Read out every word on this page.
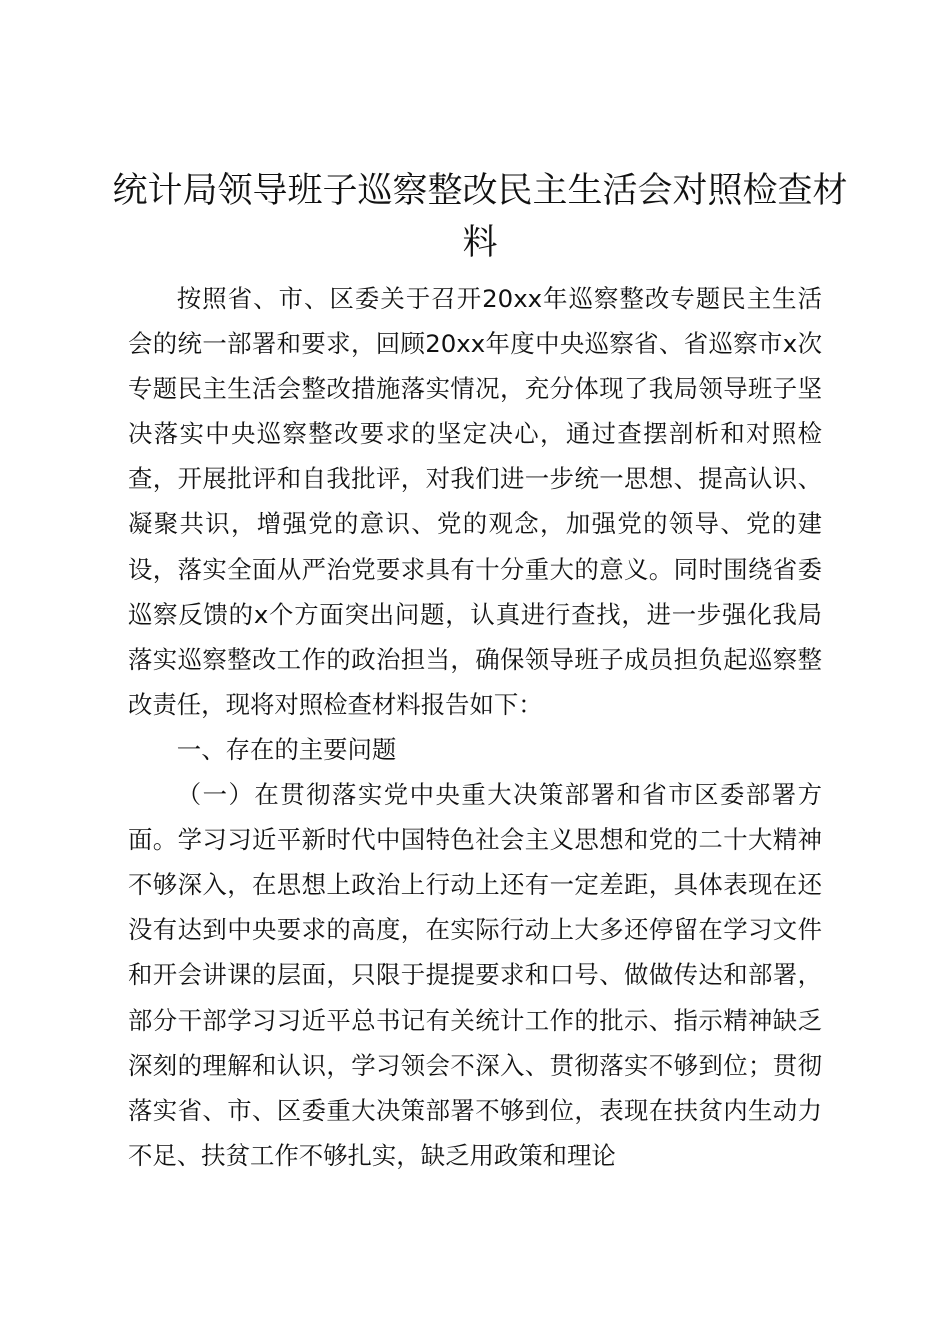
统计局领导班子巡察整改民主生活会对照检查材料

按照省、市、区委关于召开20xx年巡察整改专题民主生活会的统一部署和要求，回顾20xx年度中央巡察省、省巡察市x次专题民主生活会整改措施落实情况，充分体现了我局领导班子坚决落实中央巡察整改要求的坚定决心，通过查摆剖析和对照检查，开展批评和自我批评，对我们进一步统一思想、提高认识、凝聚共识，增强党的意识、党的观念，加强党的领导、党的建设，落实全面从严治党要求具有十分重大的意义。同时围绕省委巡察反馈的x个方面突出问题，认真进行查找，进一步强化我局落实巡察整改工作的政治担当，确保领导班子成员担负起巡察整改责任，现将对照检查材料报告如下：

一、存在的主要问题

（一）在贯彻落实党中央重大决策部署和省市区委部署方面。学习习近平新时代中国特色社会主义思想和党的二十大精神不够深入，在思想上政治上行动上还有一定差距，具体表现在还没有达到中央要求的高度，在实际行动上大多还停留在学习文件和开会讲课的层面，只限于提提要求和口号、做做传达和部署，部分干部学习习近平总书记有关统计工作的批示、指示精神缺乏深刻的理解和认识，学习领会不深入、贯彻落实不够到位；贯彻落实省、市、区委重大决策部署不够到位，表现在扶贫内生动力不足、扶贫工作不够扎实，缺乏用政策和理论
